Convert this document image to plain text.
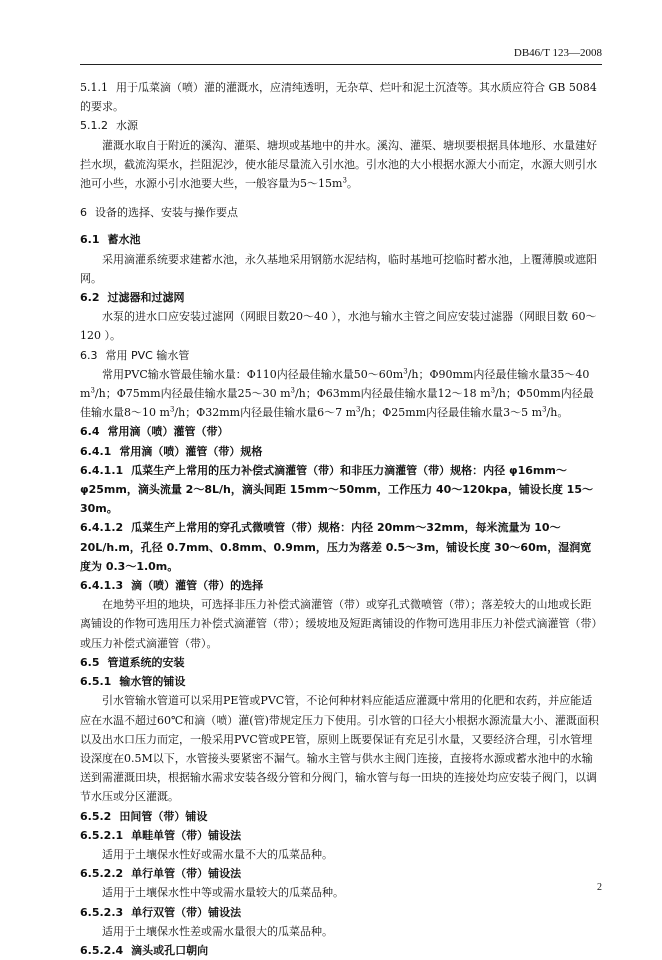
DB46/T 123—2008
5.1.1 用于瓜菜滴（喷）灌的灌溉水，应清纯透明，无杂草、烂叶和泥土沉渣等。其水质应符合 GB 5084 的要求。
5.1.2 水源
灌溉水取自于附近的溪沟、灌渠、塘坝或基地中的井水。溪沟、灌渠、塘坝要根据具体地形、水量建好拦水坝，截流沟渠水，拦阻泥沙，使水能尽量流入引水池。引水池的大小根据水源大小而定，水源大则引水池可小些，水源小引水池要大些，一般容量为$5\sim 15m^3$。
6 设备的选择、安装与操作要点
6.1 蓄水池
采用滴灌系统要求建蓄水池，永久基地采用钢筋水泥结构，临时基地可挖临时蓄水池，上覆薄膜或遮阳网。
6.2 过滤器和过滤网
水泵的进水口应安装过滤网（网眼目数20～40 ），水池与输水主管之间应安装过滤器（网眼目数 60～120 ）。
6.3 常用 PVC 输水管
常用PVC输水管最佳输水量：Φ110内径最佳输水量$50\sim 60m^3/h$；Φ90mm内径最佳输水量35～40 $m^3/h$；Φ75mm内径最佳输水量25～30 $m^3/h$；Φ63mm内径最佳输水量12～18 $m^3/h$；Φ50mm内径最佳输水量8～10 $m^3/h$；Φ32mm内径最佳输水量6～7 $m^3/h$；Φ25mm内径最佳输水量3～5 $m^3/h$。
6.4 常用滴（喷）灌管（带）
6.4.1 常用滴（喷）灌管（带）规格
6.4.1.1 瓜菜生产上常用的压力补偿式滴灌管（带）和非压力滴灌管（带）规格：内径 φ16mm～φ25mm，滴头流量 2～8L/h，滴头间距 15mm～50mm，工作压力 40～120kpa，铺设长度 15～30m。
6.4.1.2 瓜菜生产上常用的穿孔式微喷管（带）规格：内径 20mm～32mm，每米流量为 10～20L/h.m，孔径 0.7mm、0.8mm、0.9mm，压力为落差 0.5～3m，铺设长度 30～60m，湿润宽度为 0.3～1.0m。
6.4.1.3 滴（喷）灌管（带）的选择
在地势平坦的地块，可选择非压力补偿式滴灌管（带）或穿孔式微喷管（带）；落差较大的山地或长距离铺设的作物可选用压力补偿式滴灌管（带）；缓坡地及短距离铺设的作物可选用非压力补偿式滴灌管（带）或压力补偿式滴灌管（带）。
6.5 管道系统的安装
6.5.1 输水管的铺设
引水管输水管道可以采用PE管或PVC管，不论何种材料应能适应灌溉中常用的化肥和农药，并应能适应在水温不超过60℃和滴（喷）灌(管)带规定压力下使用。引水管的口径大小根据水源流量大小、灌溉面积以及出水口压力而定，一般采用PVC管或PE管，原则上既要保证有充足引水量，又要经济合理，引水管埋设深度在0.5M以下，水管接头要紧密不漏气。输水主管与供水主阀门连接，直接将水源或蓄水池中的水输送到需灌溉田块，根据输水需求安装各级分管和分阀门，输水管与每一田块的连接处均应安装子阀门，以调节水压或分区灌溉。
6.5.2 田间管（带）铺设
6.5.2.1 单畦单管（带）铺设法
适用于土壤保水性好或需水量不大的瓜菜品种。
6.5.2.2 单行单管（带）铺设法
适用于土壤保水性中等或需水量较大的瓜菜品种。
6.5.2.3 单行双管（带）铺设法
适用于土壤保水性差或需水量很大的瓜菜品种。
6.5.2.4 滴头或孔口朝向
2
